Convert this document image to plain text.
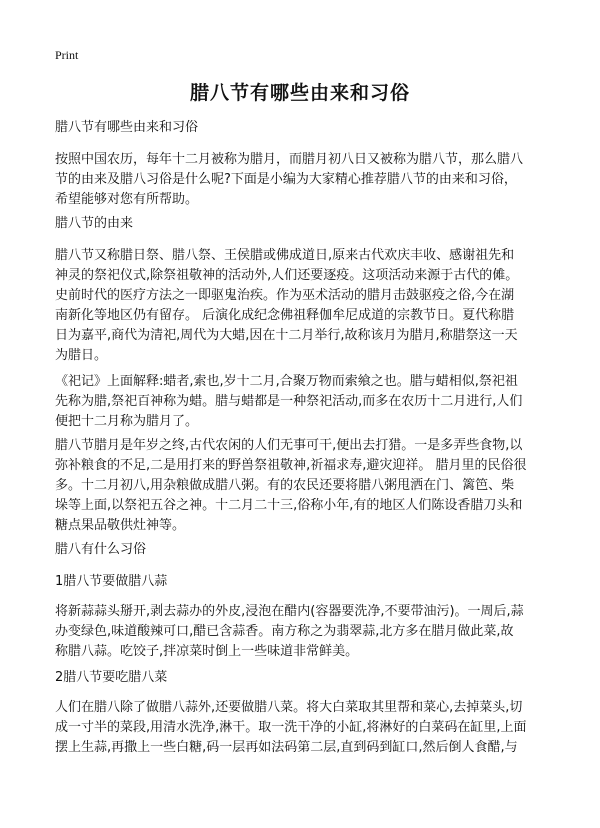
Print
腊八节有哪些由来和习俗
腊八节有哪些由来和习俗
按照中国农历，每年十二月被称为腊月，而腊月初八日又被称为腊八节，那么腊八
节的由来及腊八习俗是什么呢?下面是小编为大家精心推荐腊八节的由来和习俗，
希望能够对您有所帮助。
腊八节的由来
腊八节又称腊日祭、腊八祭、王侯腊或佛成道日,原来古代欢庆丰收、感谢祖先和
神灵的祭祀仪式,除祭祖敬神的活动外,人们还要逐疫。这项活动来源于古代的傩。
史前时代的医疗方法之一即驱鬼治疾。作为巫术活动的腊月击鼓驱疫之俗,今在湖
南新化等地区仍有留存。 后演化成纪念佛祖释伽牟尼成道的宗教节日。夏代称腊
日为嘉平,商代为清祀,周代为大蜡,因在十二月举行,故称该月为腊月,称腊祭这一天
为腊日。
《祀记》上面解释:蜡者,索也,岁十二月,合聚万物而索飨之也。腊与蜡相似,祭祀祖
先称为腊,祭祀百神称为蜡。腊与蜡都是一种祭祀活动,而多在农历十二月进行,人们
便把十二月称为腊月了。
腊八节腊月是年岁之终,古代农闲的人们无事可干,便出去打猎。一是多弄些食物,以
弥补粮食的不足,二是用打来的野兽祭祖敬神,祈福求寿,避灾迎祥。 腊月里的民俗很
多。十二月初八,用杂粮做成腊八粥。有的农民还要将腊八粥甩洒在门、篱笆、柴
垛等上面,以祭祀五谷之神。十二月二十三,俗称小年,有的地区人们陈设香腊刀头和
糖点果品敬供灶神等。
腊八有什么习俗
1腊八节要做腊八蒜
将新蒜蒜头掰开,剥去蒜办的外皮,浸泡在醋内(容器要洗净,不要带油污)。一周后,蒜
办变绿色,味道酸辣可口,醋已含蒜香。南方称之为翡翠蒜,北方多在腊月做此菜,故
称腊八蒜。吃饺子,拌凉菜时倒上一些味道非常鲜美。
2腊八节要吃腊八菜
人们在腊八除了做腊八蒜外,还要做腊八菜。将大白菜取其里帮和菜心,去掉菜头,切
成一寸半的菜段,用清水洗净,淋干。取一洗干净的小缸,将淋好的白菜码在缸里,上面
摆上生蒜,再撒上一些白糖,码一层再如法码第二层,直到码到缸口,然后倒人食醋,与
